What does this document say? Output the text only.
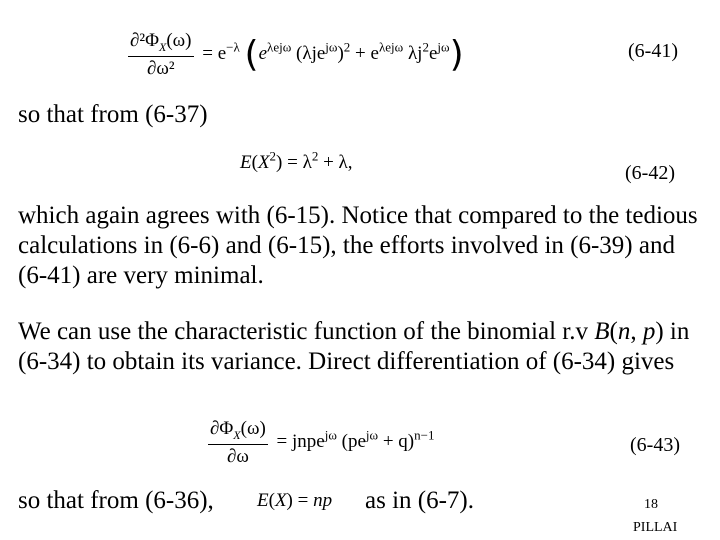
$\frac{\partial^2\Phi_X(\omega)}{\text{∂ω²}} = e^{-\lambda}$ ($e^{\lambda ej\omega}$ $(\lambda je^{j\omega})^2 + e^{\lambda ej\omega}$ $\lambda j^2e^{j\omega}$)	(6-41)
so that from (6-37)
$E(X^2) = \lambda^2 + \lambda$,	(6-42)
which again agrees with (6-15). Notice that compared to the tedious calculations in (6-6) and (6-15), the efforts involved in (6-39) and (6-41) are very minimal.
We can use the characteristic function of the binomial r.v B(n, p) in (6-34) to obtain its variance. Direct differentiation of (6-34) gives
$\frac{\partial\Phi_X(\omega)}{\partial\omega}$ = jnpe$^{j\omega}$ $(pe^{j\omega} + q)^{n-1}$	(6-43)
so that from (6-36), E(X) = np as in (6-7).	18
PILLAI
